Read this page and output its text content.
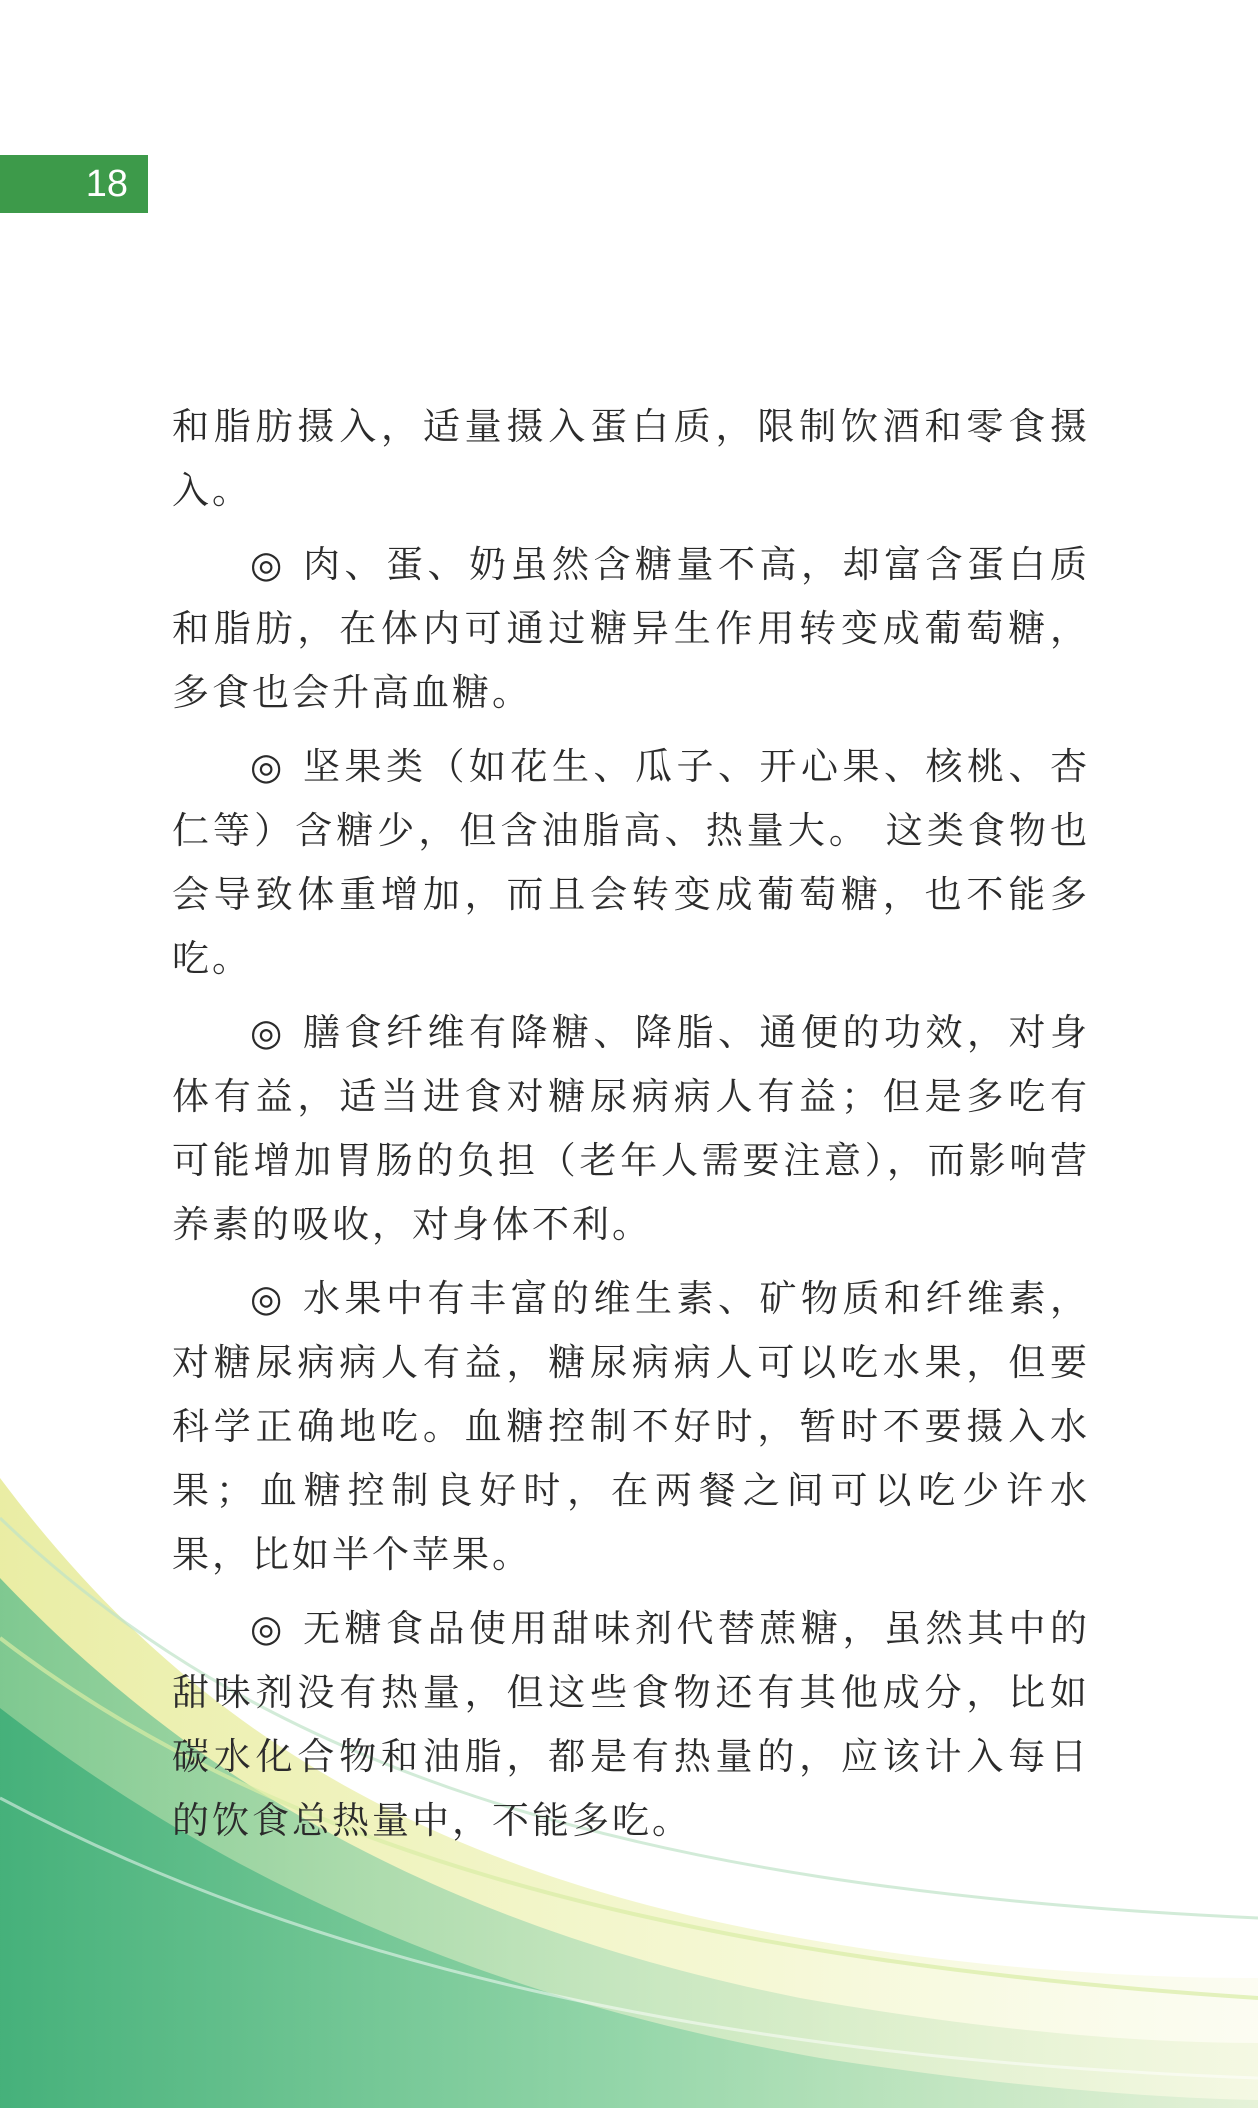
18

和脂肪摄入，适量摄入蛋白质，限制饮酒和零食摄入。

◎ 肉、蛋、奶虽然含糖量不高，却富含蛋白质和脂肪，在体内可通过糖异生作用转变成葡萄糖，多食也会升高血糖。

◎ 坚果类（如花生、瓜子、开心果、核桃、杏仁等）含糖少，但含油脂高、热量大。 这类食物也会导致体重增加，而且会转变成葡萄糖，也不能多吃。

◎ 膳食纤维有降糖、降脂、通便的功效，对身体有益，适当进食对糖尿病病人有益；但是多吃有可能增加胃肠的负担（老年人需要注意），而影响营养素的吸收，对身体不利。

◎ 水果中有丰富的维生素、矿物质和纤维素，对糖尿病病人有益，糖尿病病人可以吃水果，但要科学正确地吃。血糖控制不好时，暂时不要摄入水果；血糖控制良好时，在两餐之间可以吃少许水果，比如半个苹果。

◎ 无糖食品使用甜味剂代替蔗糖，虽然其中的甜味剂没有热量，但这些食物还有其他成分，比如碳水化合物和油脂，都是有热量的，应该计入每日的饮食总热量中，不能多吃。
